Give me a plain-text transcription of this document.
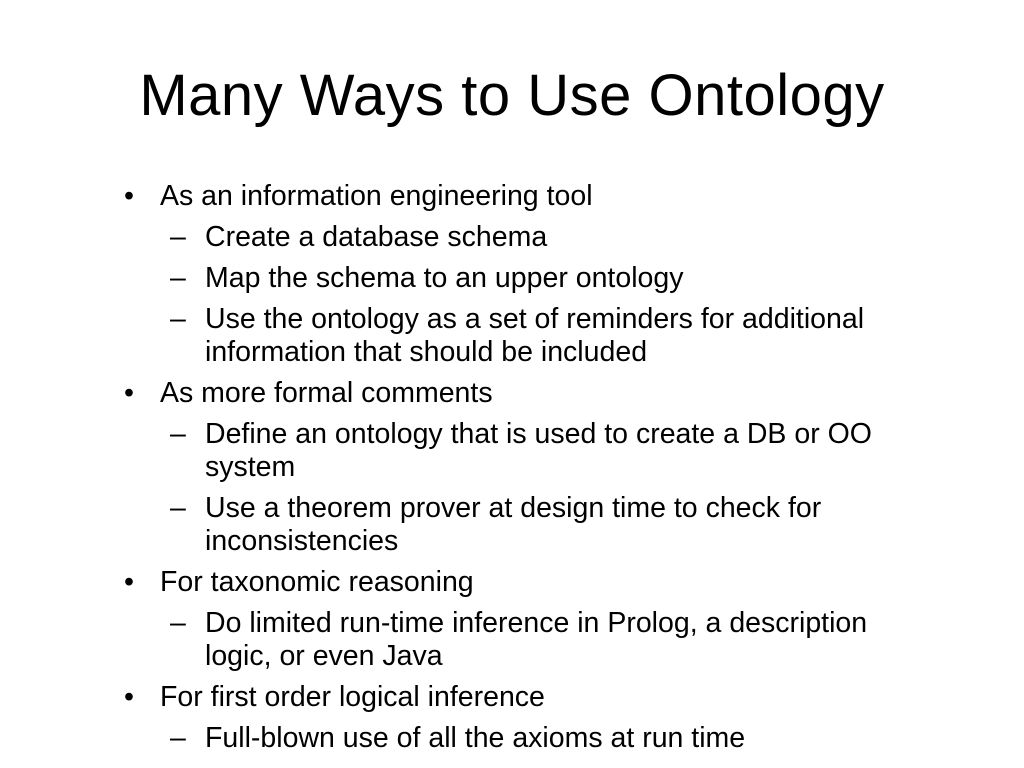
Many Ways to Use Ontology
• As an information engineering tool
– Create a database schema
– Map the schema to an upper ontology
– Use the ontology as a set of reminders for additional information that should be included
• As more formal comments
– Define an ontology that is used to create a DB or OO system
– Use a theorem prover at design time to check for inconsistencies
• For taxonomic reasoning
– Do limited run-time inference in Prolog, a description logic, or even Java
• For first order logical inference
– Full-blown use of all the axioms at run time
